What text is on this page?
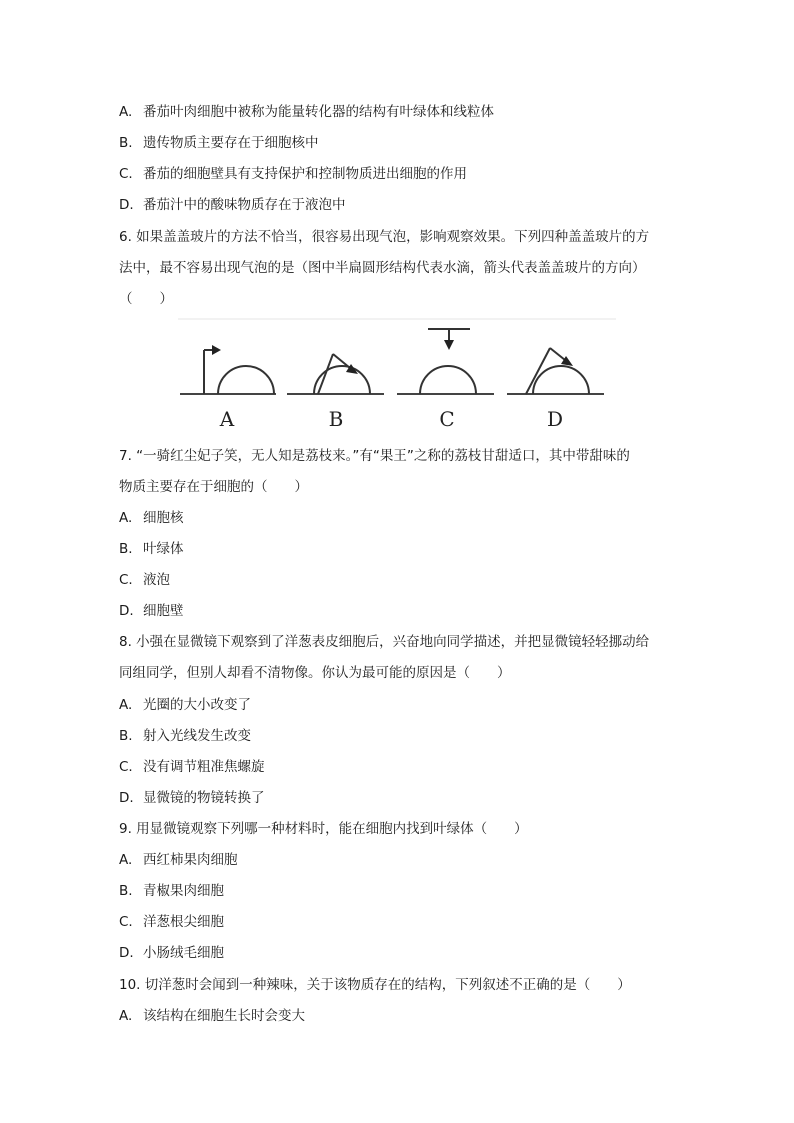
A. 番茄叶肉细胞中被称为能量转化器的结构有叶绿体和线粒体
B. 遗传物质主要存在于细胞核中
C. 番茄的细胞壁具有支持保护和控制物质进出细胞的作用
D. 番茄汁中的酸味物质存在于液泡中
6. 如果盖盖玻片的方法不恰当，很容易出现气泡，影响观察效果。下列四种盖盖玻片的方
法中，最不容易出现气泡的是（图中半扁圆形结构代表水滴，箭头代表盖盖玻片的方向）
（　　）
A	B	C	D
7. “一骑红尘妃子笑，无人知是荔枝来。”有“果王”之称的荔枝甘甜适口，其中带甜味的
物质主要存在于细胞的（　　）
A. 细胞核
B. 叶绿体
C. 液泡
D. 细胞壁
8. 小强在显微镜下观察到了洋葱表皮细胞后，兴奋地向同学描述，并把显微镜轻轻挪动给
同组同学，但别人却看不清物像。你认为最可能的原因是（　　）
A. 光圈的大小改变了
B. 射入光线发生改变
C. 没有调节粗准焦螺旋
D. 显微镜的物镜转换了
9. 用显微镜观察下列哪一种材料时，能在细胞内找到叶绿体（　　）
A. 西红柿果肉细胞
B. 青椒果肉细胞
C. 洋葱根尖细胞
D. 小肠绒毛细胞
10. 切洋葱时会闻到一种辣味，关于该物质存在的结构，下列叙述不正确的是（　　）
A. 该结构在细胞生长时会变大
